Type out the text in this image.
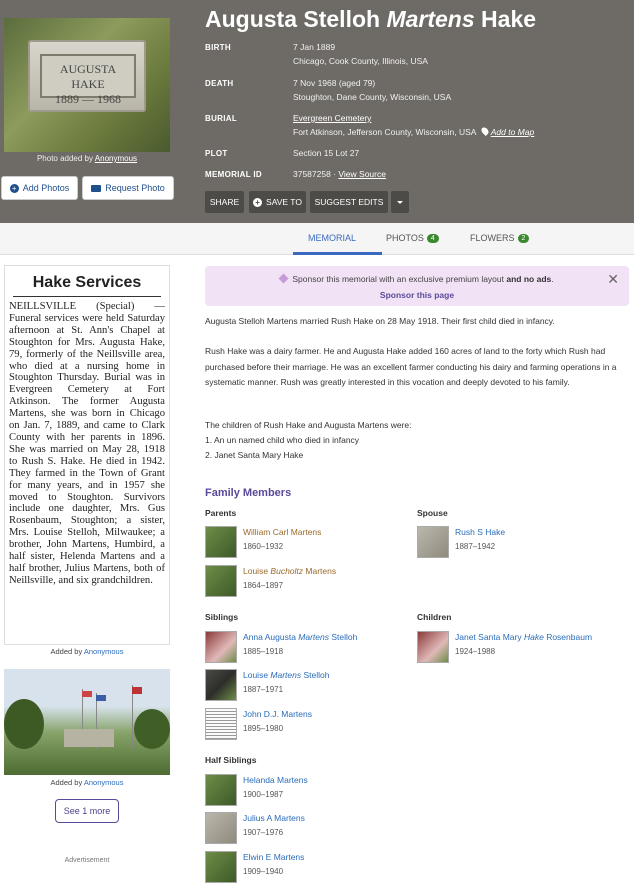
AUGUSTA HAKE
1889 — 1968
Photo added by Anonymous
+ Add Photos	Request Photo
Augusta Stelloh Martens Hake
BIRTH	7 Jan 1889
Chicago, Cook County, Illinois, USA
DEATH	7 Nov 1968 (aged 79)
Stoughton, Dane County, Wisconsin, USA
BURIAL	Evergreen Cemetery
Fort Atkinson, Jefferson County, Wisconsin, USA Add to Map
PLOT	Section 15 Lot 27
MEMORIAL ID	37587258 · View Source
SHARE + SAVE TO SUGGEST EDITS
MEMORIAL	PHOTOS	4	FLOWERS	2
Hake Services
NEILLSVILLE (Special) — Funeral services were held Saturday afternoon at St. Ann's Chapel at Stoughton for Mrs. Augusta Hake, 79, formerly of the Neillsville area, who died at a nursing home in Stoughton Thursday. Burial was in Evergreen Cemetery at Fort Atkinson. The former Augusta Martens, she was born in Chicago on Jan. 7, 1889, and came to Clark County with her parents in 1896. She was married on May 28, 1918 to Rush S. Hake. He died in 1942. They farmed in the Town of Grant for many years, and in 1957 she moved to Stoughton. Survivors include one daughter, Mrs. Gus Rosenbaum, Stoughton; a sister, Mrs. Louise Stelloh, Milwaukee; a brother, John Martens, Humbird, a half sister, Helenda Martens and a half brother, Julius Martens, both of Neillsville, and six grandchildren.
Added by Anonymous
Added by Anonymous
See 1 more
Advertisement
Sponsor this memorial with an exclusive premium layout and no ads.
Sponsor this page
✕
Augusta Stelloh Martens married Rush Hake on 28 May 1918. Their first child died in infancy.
Rush Hake was a dairy farmer. He and Augusta Hake added 160 acres of land to the forty which Rush had purchased before their marriage. He was an excellent farmer conducting his dairy and farming operations in a systematic manner. Rush was greatly interested in this vocation and deeply devoted to his family.
The children of Rush Hake and Augusta Martens were:
1. An un named child who died in infancy
2. Janet Santa Mary Hake
Family Members
Parents	Spouse
William Carl Martens
1860–1932
Louise Bucholtz Martens
1864–1897
Rush S Hake
1887–1942
Siblings	Children
Anna Augusta Martens Stelloh
1885–1918
Louise Martens Stelloh
1887–1971
John D.J. Martens
1895–1980
Janet Santa Mary Hake Rosenbaum
1924–1988
Half Siblings
Helanda Martens
1900–1987
Julius A Martens
1907–1976
Elwin E Martens
1909–1940
